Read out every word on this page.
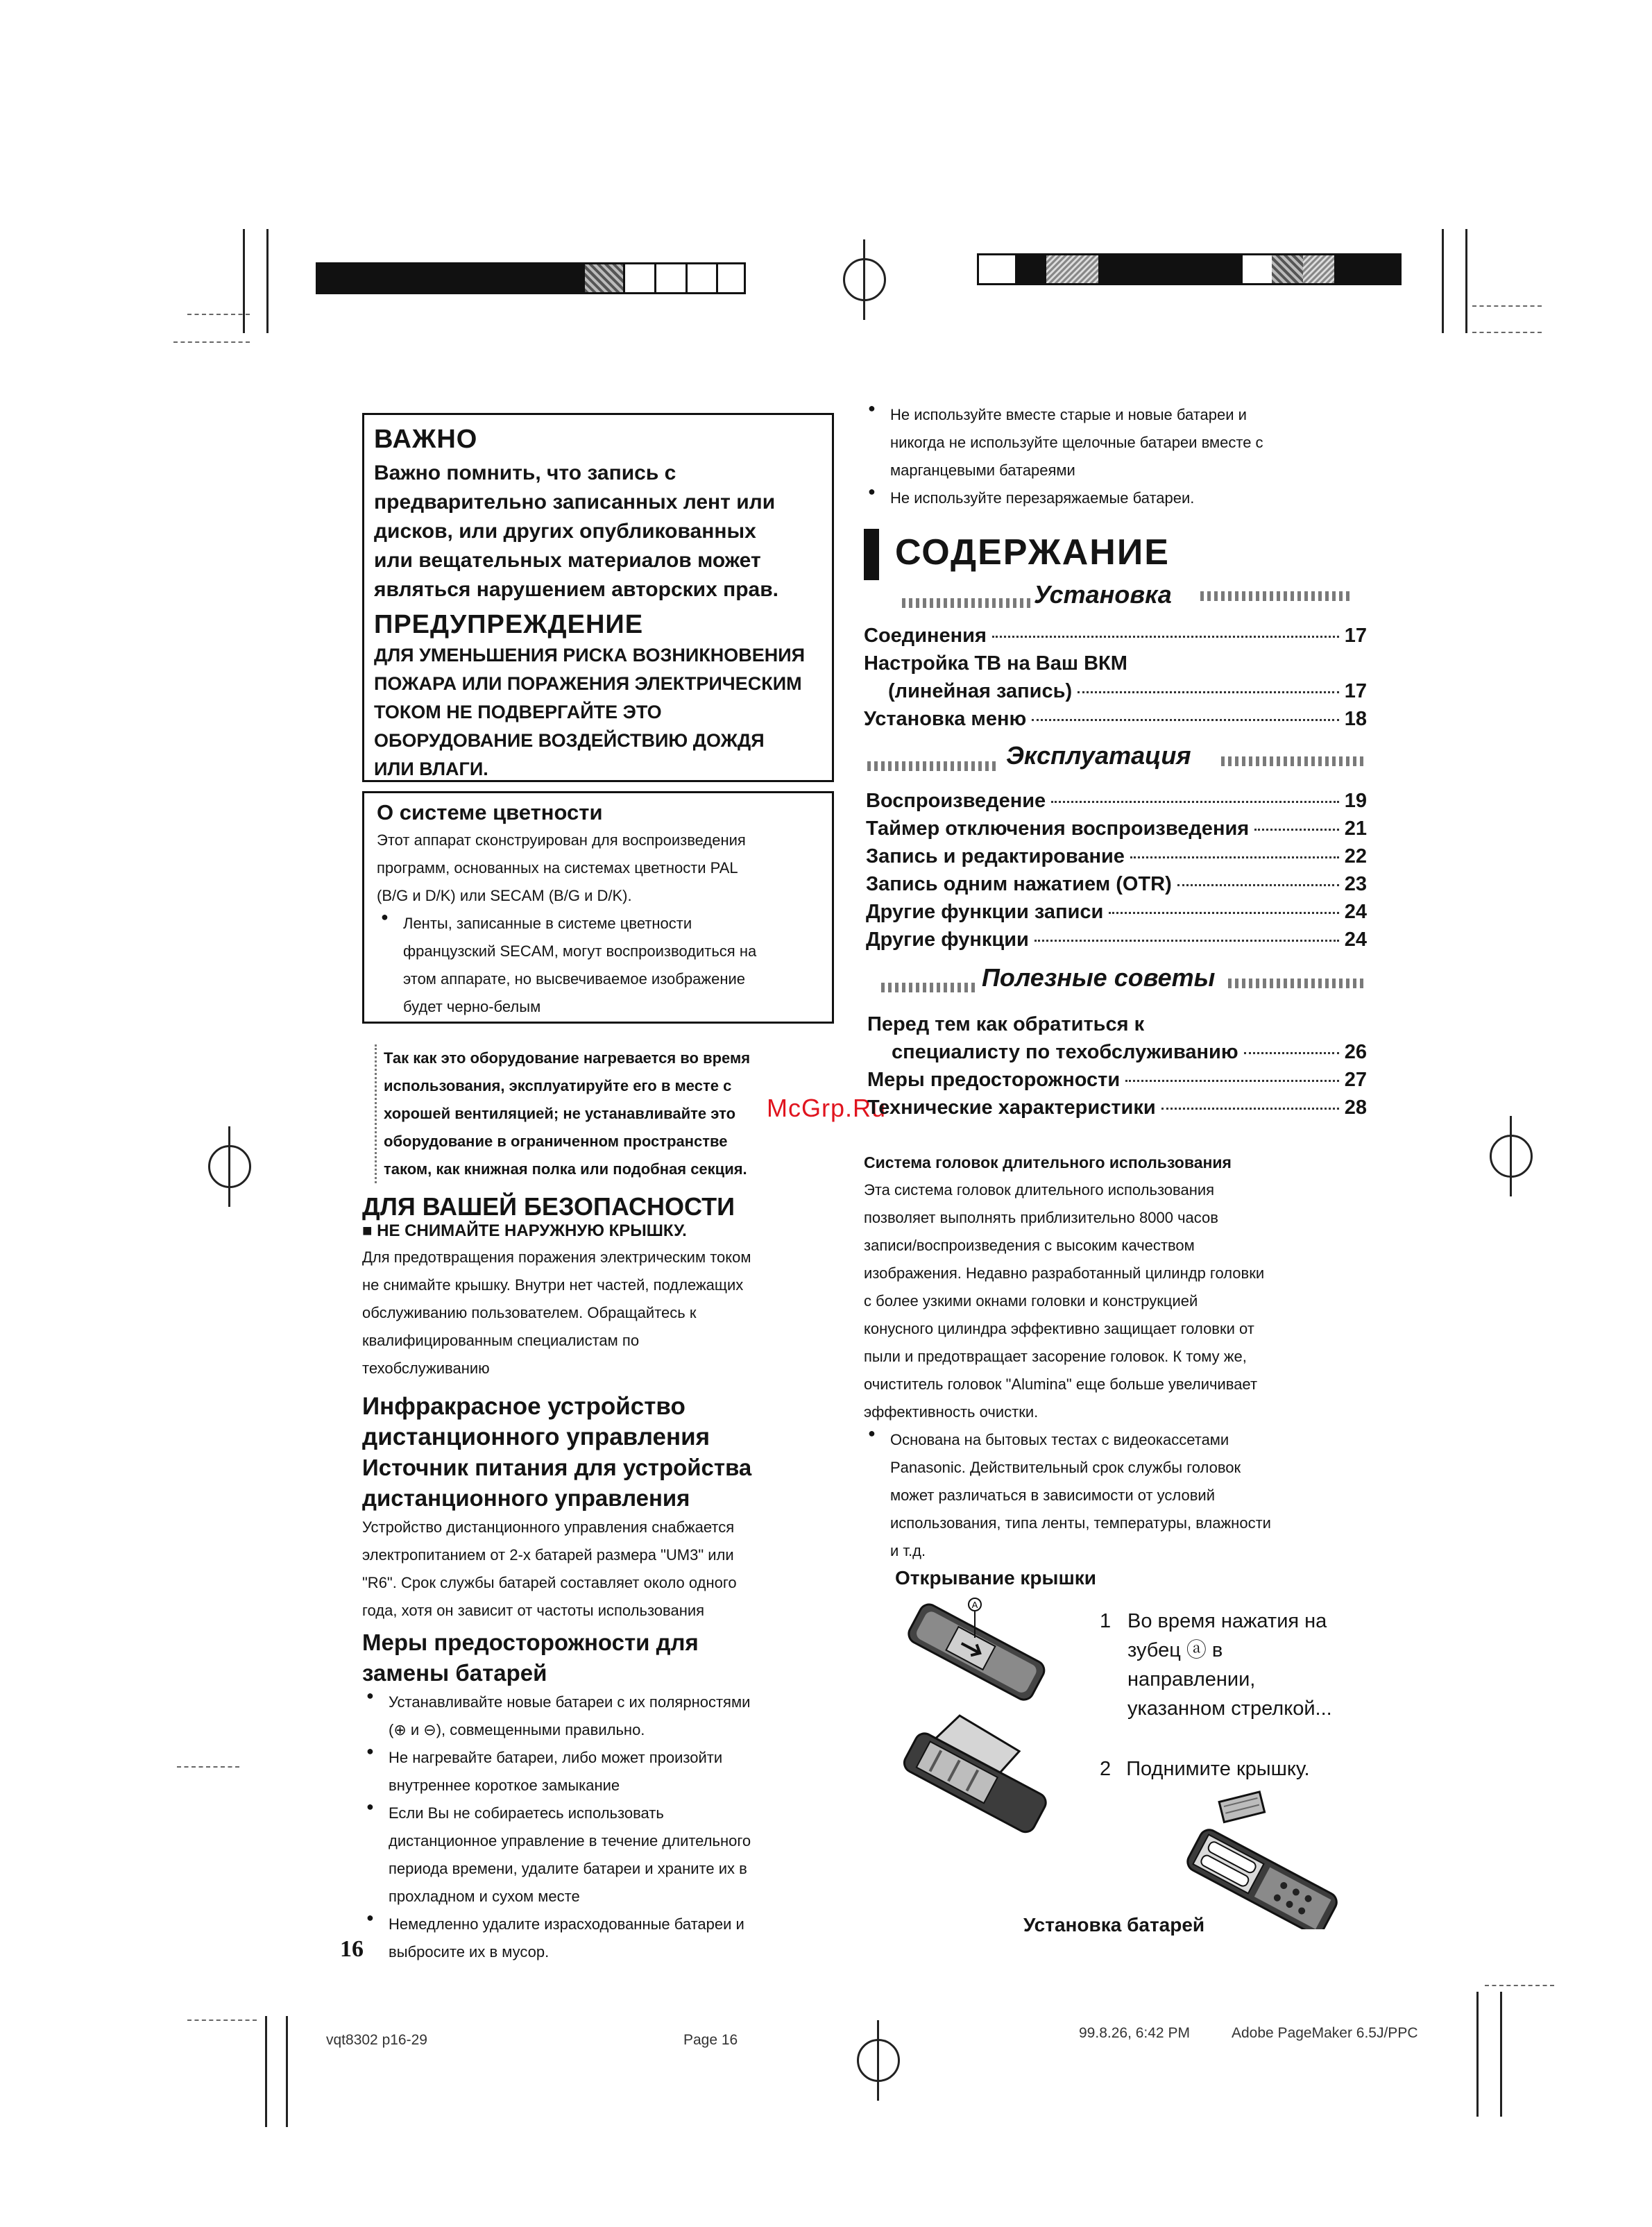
McGrp.Ru
ВАЖНО
Важно помнить, что запись с
предварительно записанных лент или
дисков, или других опубликованных
или вещательных материалов может
являться нарушением авторских прав.
ПРЕДУПРЕЖДЕНИЕ
ДЛЯ УМЕНЬШЕНИЯ РИСКА ВОЗНИКНОВЕНИЯ
ПОЖАРА ИЛИ ПОРАЖЕНИЯ ЭЛЕКТРИЧЕСКИМ
ТОКОМ НЕ ПОДВЕРГАЙТЕ ЭТО
ОБОРУДОВАНИЕ ВОЗДЕЙСТВИЮ ДОЖДЯ
ИЛИ ВЛАГИ.
О системе цветности
Этот аппарат сконструирован для воспроизведения
программ, основанных на системах цветности PAL
(B/G и D/K) или SECAM (B/G и D/K).
● Ленты, записанные в системе цветности
французский SECAM, могут воспроизводиться на
этом аппарате, но высвечиваемое изображение
будет черно-белым
Так как это оборудование нагревается во время
использования, эксплуатируйте его в месте с
хорошей вентиляцией; не устанавливайте это
оборудование в ограниченном пространстве
таком, как книжная полка или подобная секция.
ДЛЯ ВАШЕЙ БЕЗОПАСНОСТИ
■ НЕ СНИМАЙТЕ НАРУЖНУЮ КРЫШКУ.
Для предотвращения поражения электрическим током
не снимайте крышку. Внутри нет частей, подлежащих
обслуживанию пользователем. Обращайтесь к
квалифицированным специалистам по
техобслуживанию
Инфракрасное устройство
дистанционного управления
Источник питания для устройства
дистанционного управления
Устройство дистанционного управления снабжается
электропитанием от 2-х батарей размера "UM3" или
"R6". Срок службы батарей составляет около одного
года, хотя он зависит от частоты использования
Меры предосторожности для
замены батарей
● Устанавливайте новые батареи с их полярностями
(⊕ и ⊖), совмещенными правильно.
● Не нагревайте батареи, либо может произойти
внутреннее короткое замыкание
● Если Вы не собираетесь использовать
дистанционное управление в течение длительного
периода времени, удалите батареи и храните их в
прохладном и сухом месте
● Немедленно удалите израсходованные батареи и
выбросите их в мусор.
16
● Не используйте вместе старые и новые батареи и
никогда не используйте щелочные батареи вместе с
марганцевыми батареями
● Не используйте перезаряжаемые батареи.
СОДЕРЖАНИЕ
Установка
Соединения	17
Настройка ТВ на Ваш ВКМ
(линейная запись)	17
Установка меню	18
Эксплуатация
Воспроизведение	19
Таймер отключения воспроизведения	21
Запись и редактирование	22
Запись одним нажатием (OTR)	23
Другие функции записи	24
Другие функции	24
Полезные советы
Перед тем как обратиться к
специалисту по техобслуживанию	26
Меры предосторожности	27
Технические характеристики	28
Система головок длительного использования
Эта система головок длительного использования
позволяет выполнять приблизительно 8000 часов
записи/воспроизведения с высоким качеством
изображения. Недавно разработанный цилиндр головки
с более узкими окнами головки и конструкцией
конусного цилиндра эффективно защищает головки от
пыли и предотвращает засорение головок. К тому же,
очиститель головок "Alumina" еще больше увеличивает
эффективность очистки.
● Основана на бытовых тестах с видеокассетами
Panasonic. Действительный срок службы головок
может различаться в зависимости от условий
использования, типа ленты, температуры, влажности
и т.д.
Открывание крышки
A
1 Во время нажатия на
зубец ⓐ в
направлении,
указанном стрелкой...
2 Поднимите крышку.
Установка батарей
vqt8302 p16-29	Page 16	99.8.26, 6:42 PM	Adobe PageMaker 6.5J/PPC
